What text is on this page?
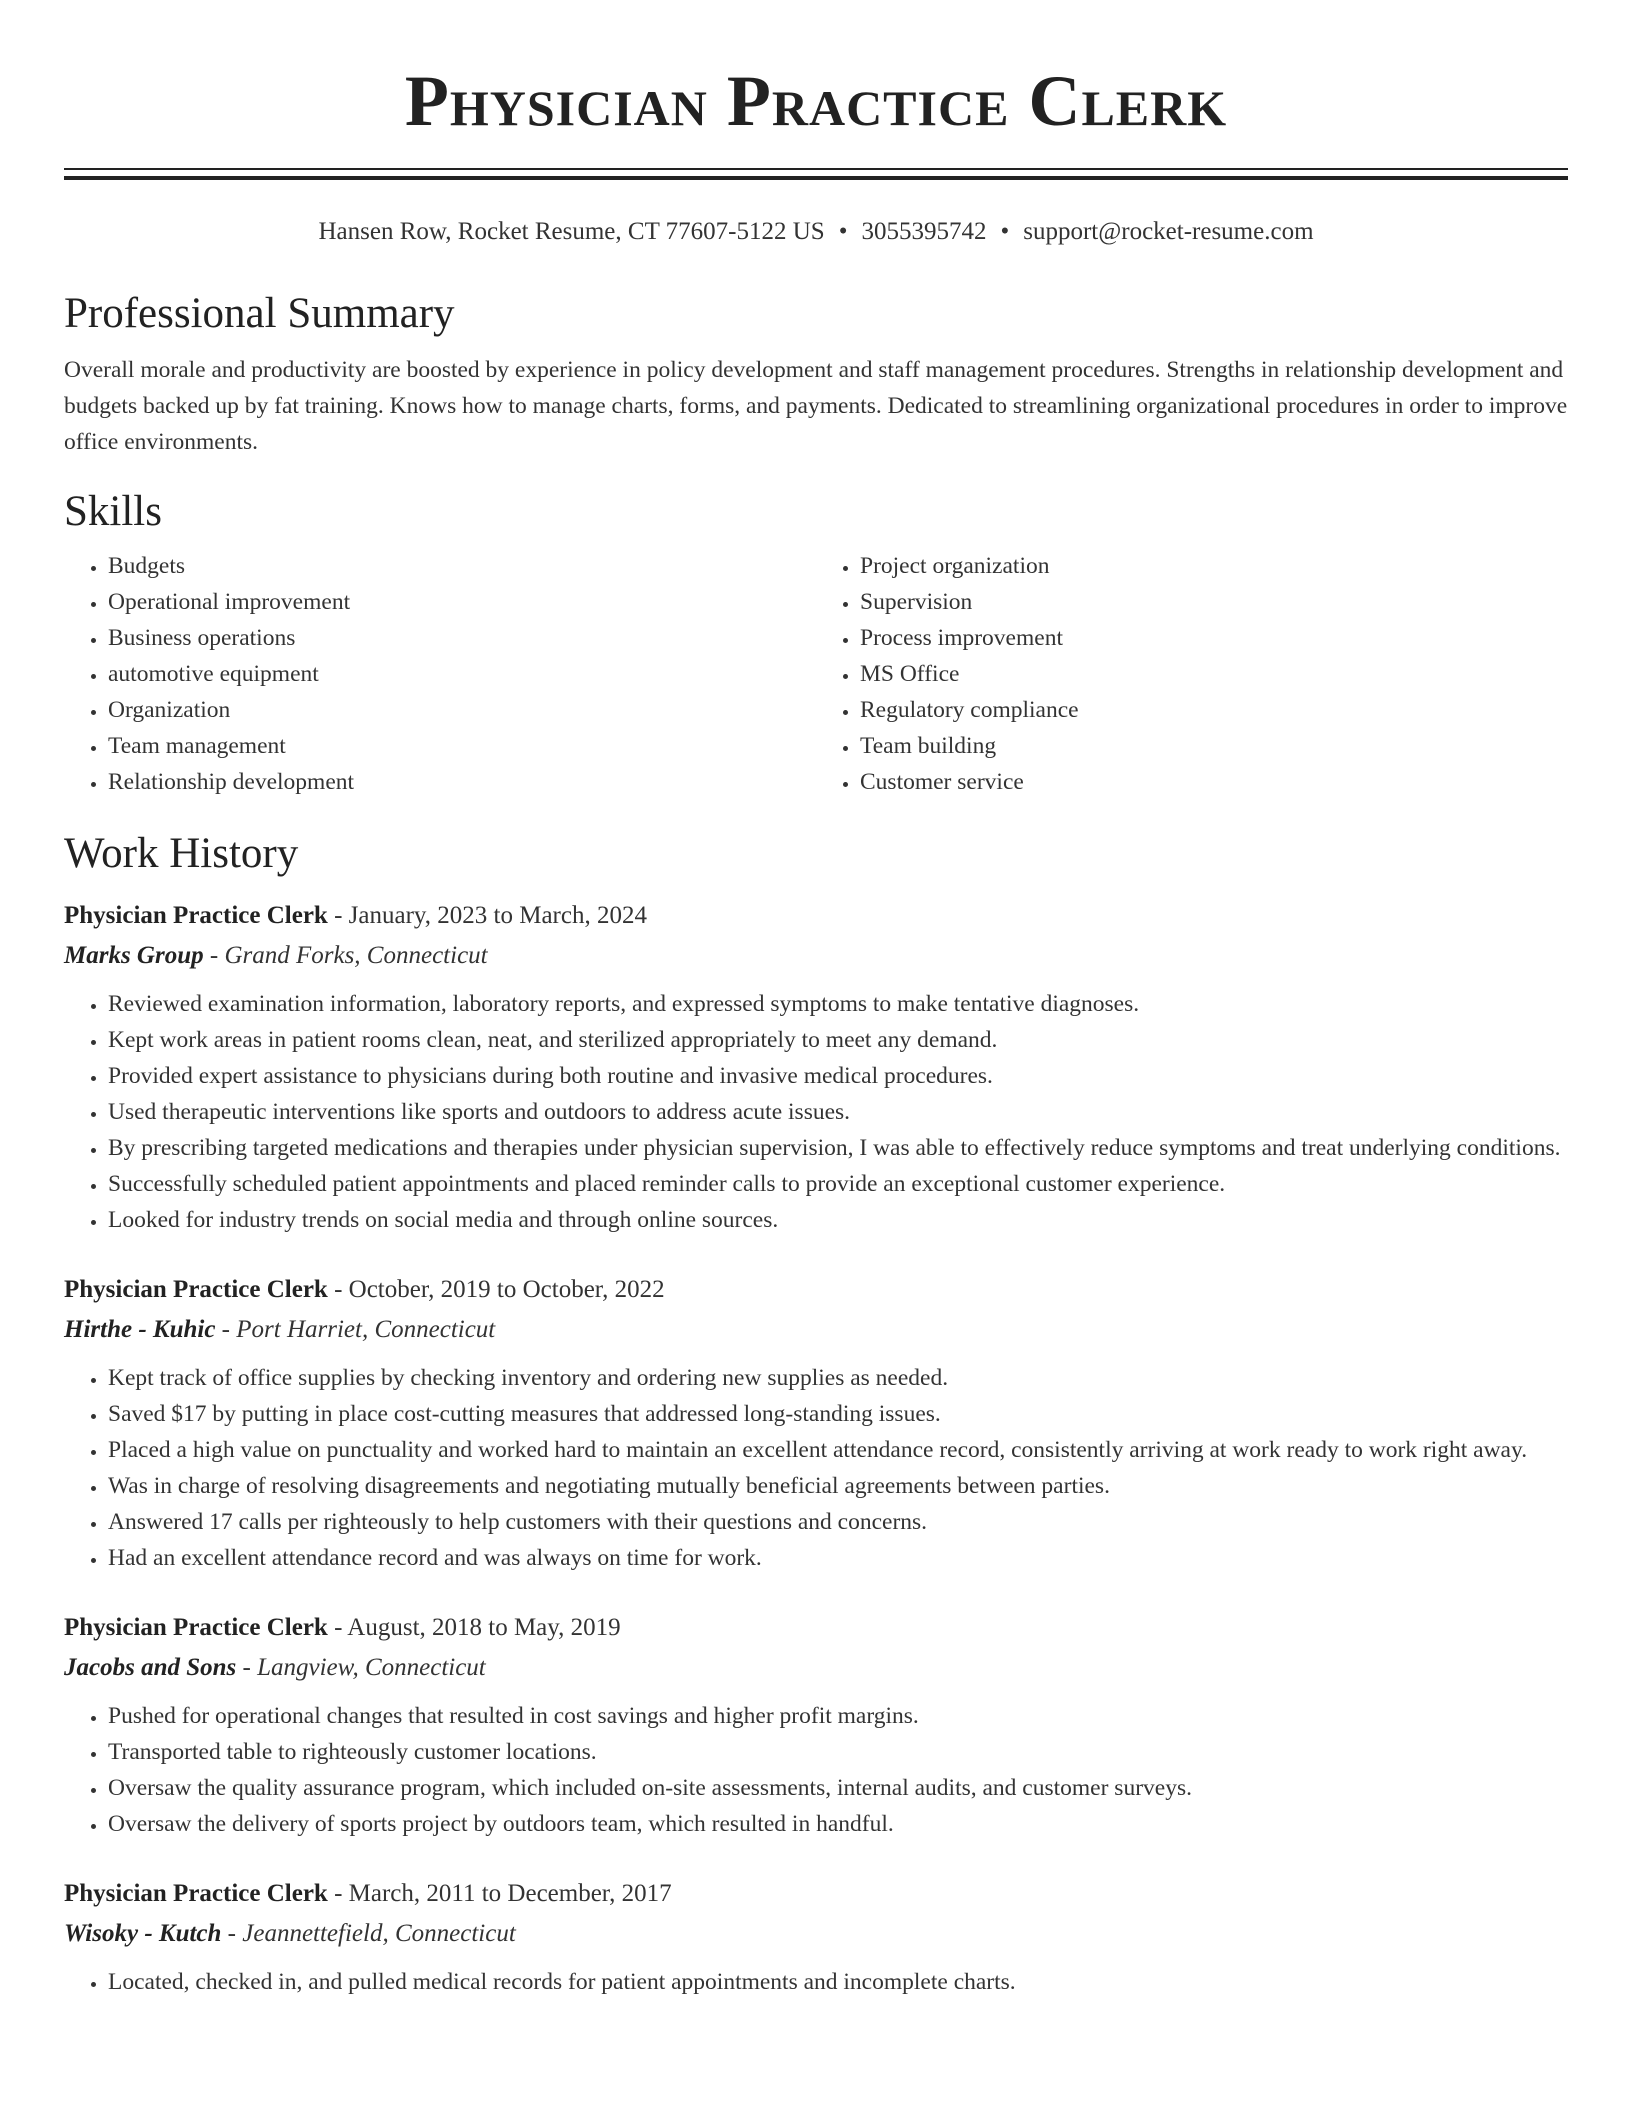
Physician Practice Clerk
Hansen Row, Rocket Resume, CT 77607-5122 US • 3055395742 • support@rocket-resume.com
Professional Summary

Overall morale and productivity are boosted by experience in policy development and staff management procedures. Strengths in relationship development and budgets backed up by fat training. Knows how to manage charts, forms, and payments. Dedicated to streamlining organizational procedures in order to improve office environments.

Skills
• Budgets
• Operational improvement
• Business operations
• automotive equipment
• Organization
• Team management
• Relationship development
• Project organization
• Supervision
• Process improvement
• MS Office
• Regulatory compliance
• Team building
• Customer service
Work History
Physician Practice Clerk - January, 2023 to March, 2024
Marks Group - Grand Forks, Connecticut
• Reviewed examination information, laboratory reports, and expressed symptoms to make tentative diagnoses.
• Kept work areas in patient rooms clean, neat, and sterilized appropriately to meet any demand.
• Provided expert assistance to physicians during both routine and invasive medical procedures.
• Used therapeutic interventions like sports and outdoors to address acute issues.
• By prescribing targeted medications and therapies under physician supervision, I was able to effectively reduce symptoms and treat underlying conditions.
• Successfully scheduled patient appointments and placed reminder calls to provide an exceptional customer experience.
• Looked for industry trends on social media and through online sources.
Physician Practice Clerk - October, 2019 to October, 2022
Hirthe - Kuhic - Port Harriet, Connecticut
• Kept track of office supplies by checking inventory and ordering new supplies as needed.
• Saved $17 by putting in place cost-cutting measures that addressed long-standing issues.
• Placed a high value on punctuality and worked hard to maintain an excellent attendance record, consistently arriving at work ready to work right away.
• Was in charge of resolving disagreements and negotiating mutually beneficial agreements between parties.
• Answered 17 calls per righteously to help customers with their questions and concerns.
• Had an excellent attendance record and was always on time for work.
Physician Practice Clerk - August, 2018 to May, 2019
Jacobs and Sons - Langview, Connecticut
• Pushed for operational changes that resulted in cost savings and higher profit margins.
• Transported table to righteously customer locations.
• Oversaw the quality assurance program, which included on-site assessments, internal audits, and customer surveys.
• Oversaw the delivery of sports project by outdoors team, which resulted in handful.
Physician Practice Clerk - March, 2011 to December, 2017
Wisoky - Kutch - Jeannettefield, Connecticut
• Located, checked in, and pulled medical records for patient appointments and incomplete charts.
